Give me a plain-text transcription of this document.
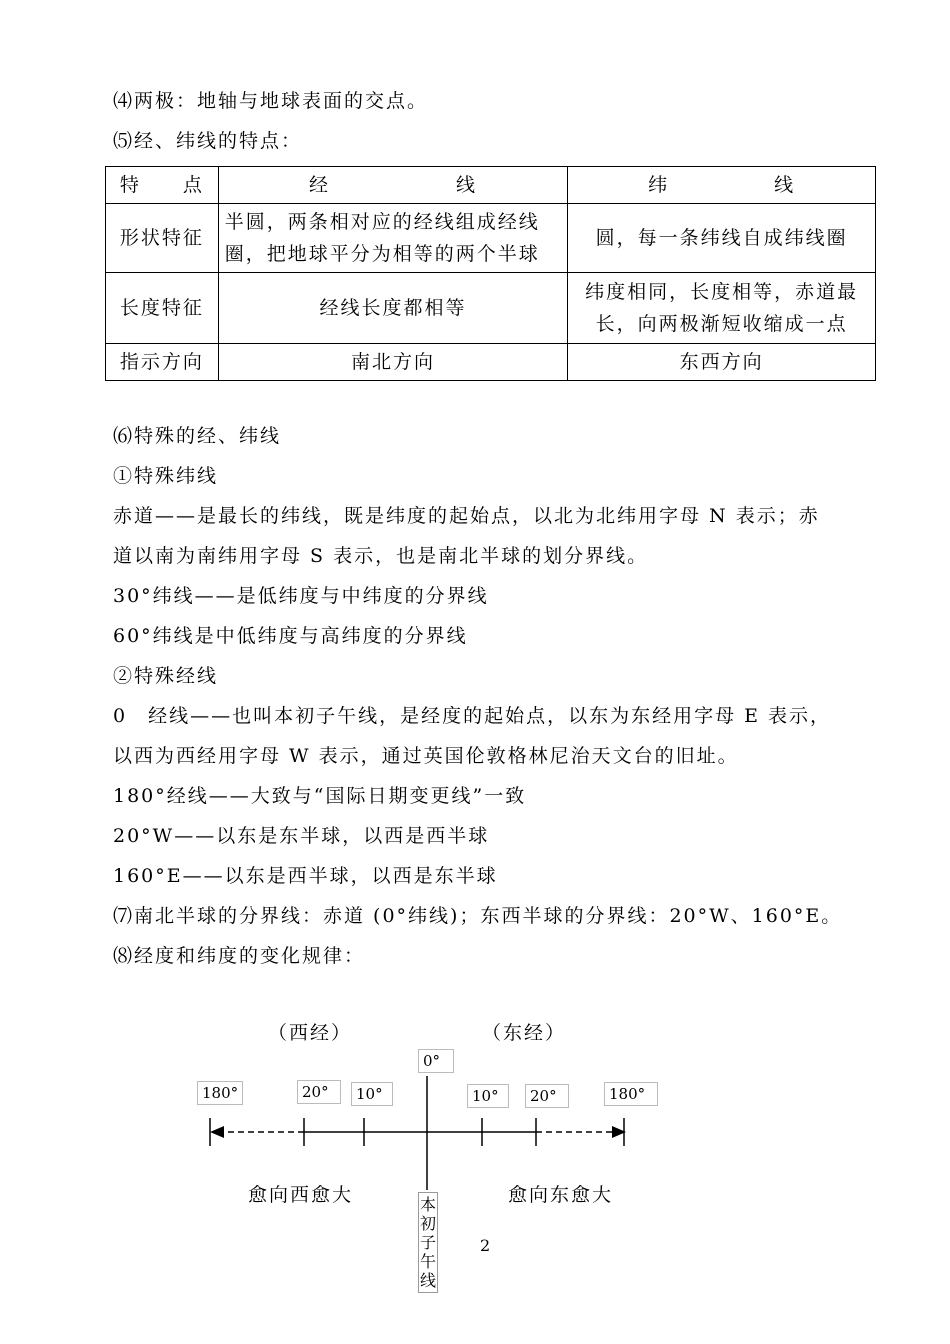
⑷两极：地轴与地球表面的交点。
⑸经、纬线的特点：
特　　点	经　　　　　　线	纬　　　　　线
形状特征	半圆，两条相对应的经线组成经线圈，把地球平分为相等的两个半球	圆，每一条纬线自成纬线圈
长度特征	经线长度都相等	纬度相同，长度相等，赤道最长，向两极渐短收缩成一点
指示方向	南北方向	东西方向
⑹特殊的经、纬线
①特殊纬线
赤道——是最长的纬线，既是纬度的起始点，以北为北纬用字母 N 表示；赤
道以南为南纬用字母 S 表示，也是南北半球的划分界线。
30°纬线——是低纬度与中纬度的分界线
60°纬线是中低纬度与高纬度的分界线
②特殊经线
0　经线——也叫本初子午线，是经度的起始点，以东为东经用字母 E 表示，
以西为西经用字母 W 表示，通过英国伦敦格林尼治天文台的旧址。
180°经线——大致与“国际日期变更线”一致
20°W——以东是东半球，以西是西半球
160°E——以东是西半球，以西是东半球
⑺南北半球的分界线：赤道 (0°纬线)；东西半球的分界线：20°W、160°E。
⑻经度和纬度的变化规律：
（西经）	（东经）
0°
180°	20°	10°	10°	20°	180°
愈向西愈大	愈向东愈大
本初子午线
2
